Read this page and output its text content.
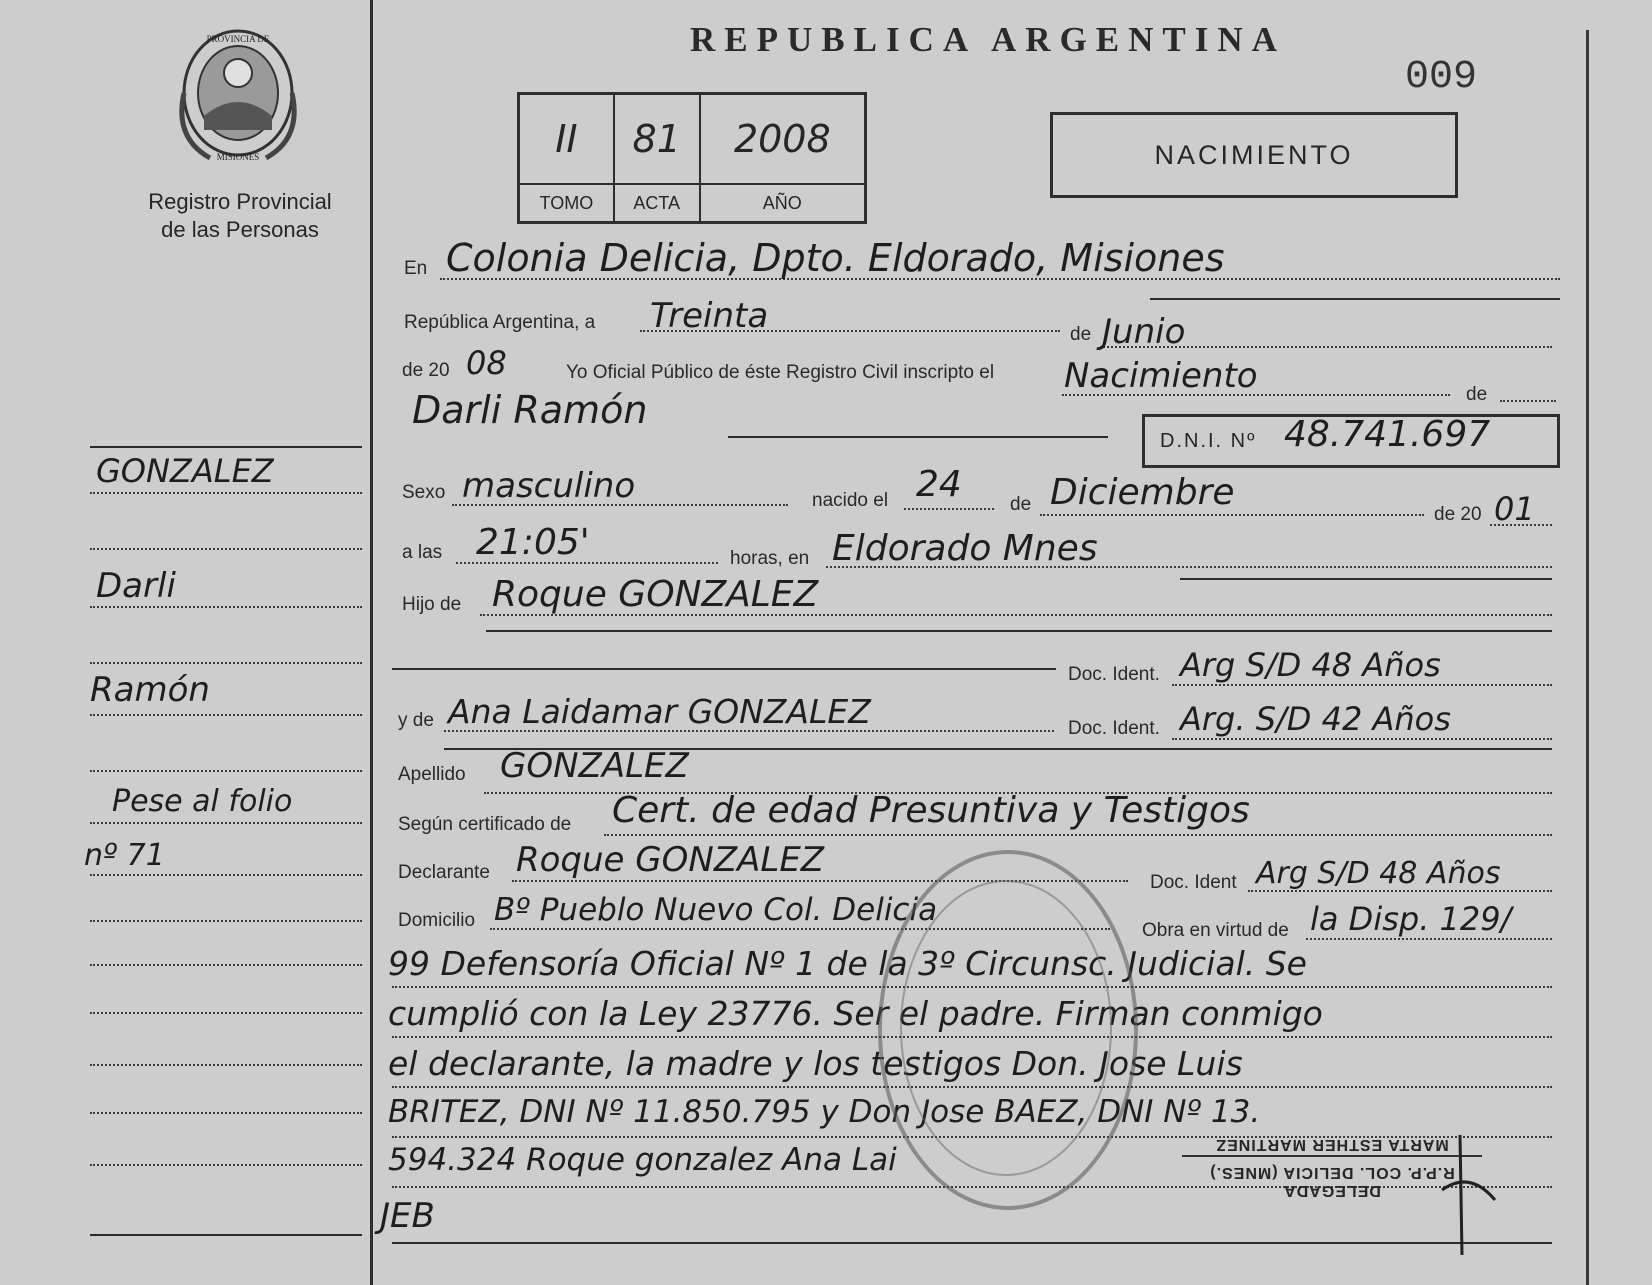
PROVINCIA DE
MISIONES
Registro Provincial
de las Personas
GONZALEZ
Darli
Ramón
Pese al folio
nº 71
REPUBLICA ARGENTINA
009
II	81	2008
TOMO	ACTA	AÑO
NACIMIENTO
En Colonia Delicia, Dpto. Eldorado, Misiones
República Argentina, a Treinta	de Junio
de 20 08	Yo Oficial Público de éste Registro Civil inscripto el Nacimiento	de
Darli Ramón
D.N.I. Nº 48.741.697
Sexo masculino	nacido el 24	de Diciembre
de 20 01
a las 21:05'	horas, en Eldorado Mnes
Hijo de Roque GONZALEZ
Doc. Ident. Arg S/D 48 Años
y de Ana Laidamar GONZALEZ	Doc. Ident. Arg. S/D 42 Años
Apellido GONZALEZ
Según certificado de Cert. de edad Presuntiva y Testigos
Declarante Roque GONZALEZ
Doc. Ident Arg S/D 48 Años
Domicilio Bº Pueblo Nuevo Col. Delicia
Obra en virtud de la Disp. 129/
99 Defensoría Oficial Nº 1 de la 3º Circunsc. Judicial. Se
cumplió con la Ley 23776. Ser el padre. Firman conmigo
el declarante, la madre y los testigos Don. Jose Luis
BRITEZ, DNI Nº 11.850.795 y Don Jose BAEZ, DNI Nº 13.
594.324 Roque gonzalez Ana Lai
JEB
DELEGADA
R.P.P. COL. DELICIA (MNES.)
MARTA ESTHER MARTINEZ
